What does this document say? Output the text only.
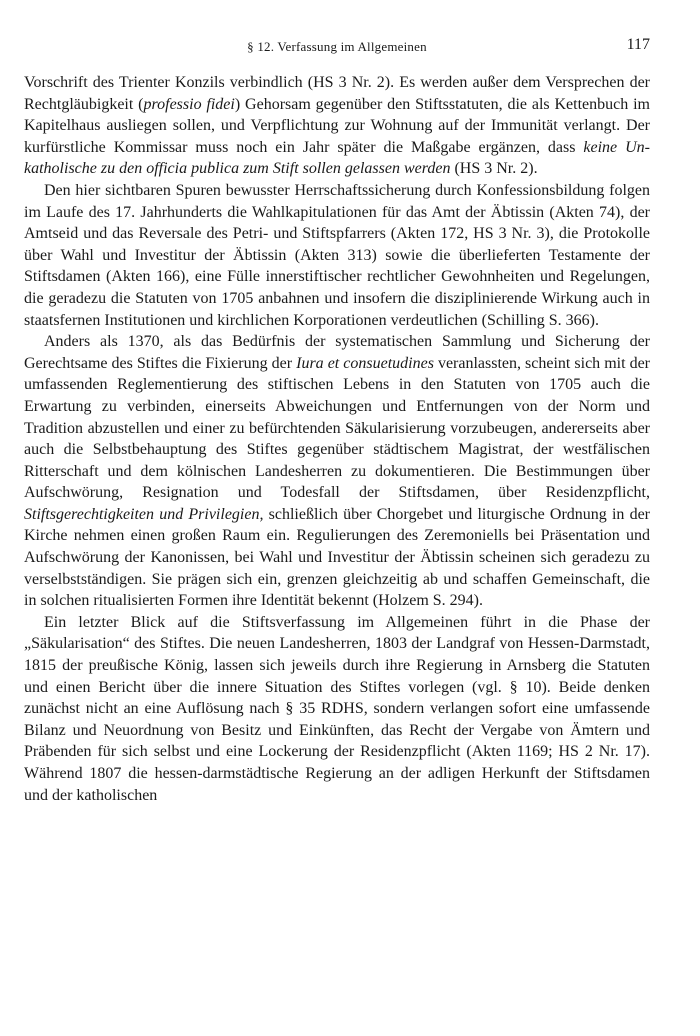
§ 12. Verfassung im Allgemeinen	117

Vorschrift des Trienter Konzils verbindlich (HS 3 Nr. 2). Es werden außer dem Versprechen der Rechtgläubigkeit (professio fidei) Gehorsam gegenüber den Stiftsstatuten, die als Kettenbuch im Kapitelhaus ausliegen sollen, und Verpflichtung zur Wohnung auf der Immunität verlangt. Der kurfürstliche Kommissar muss noch ein Jahr später die Maßgabe ergänzen, dass keine Unkatholische zu den officia publica zum Stift sollen gelassen werden (HS 3 Nr. 2).

Den hier sichtbaren Spuren bewusster Herrschaftssicherung durch Konfessionsbildung folgen im Laufe des 17. Jahrhunderts die Wahlkapitulationen für das Amt der Äbtissin (Akten 74), der Amtseid und das Reversale des Petri- und Stiftspfarrers (Akten 172, HS 3 Nr. 3), die Protokolle über Wahl und Investitur der Äbtissin (Akten 313) sowie die überlieferten Testamente der Stiftsdamen (Akten 166), eine Fülle innerstiftischer rechtlicher Gewohnheiten und Regelungen, die geradezu die Statuten von 1705 anbahnen und insofern die disziplinierende Wirkung auch in staatsfernen Institutionen und kirchlichen Korporationen verdeutlichen (Schilling S. 366).

Anders als 1370, als das Bedürfnis der systematischen Sammlung und Sicherung der Gerechtsame des Stiftes die Fixierung der Iura et consuetudines veranlassten, scheint sich mit der umfassenden Reglementierung des stiftischen Lebens in den Statuten von 1705 auch die Erwartung zu verbinden, einerseits Abweichungen und Entfernungen von der Norm und Tradition abzustellen und einer zu befürchtenden Säkularisierung vorzubeugen, andererseits aber auch die Selbstbehauptung des Stiftes gegenüber städtischem Magistrat, der westfälischen Ritterschaft und dem kölnischen Landesherren zu dokumentieren. Die Bestimmungen über Aufschwörung, Resignation und Todesfall der Stiftsdamen, über Residenzpflicht, Stiftsgerechtigkeiten und Privilegien, schließlich über Chorgebet und liturgische Ordnung in der Kirche nehmen einen großen Raum ein. Regulierungen des Zeremoniells bei Präsentation und Aufschwörung der Kanonissen, bei Wahl und Investitur der Äbtissin scheinen sich geradezu zu verselbstständigen. Sie prägen sich ein, grenzen gleichzeitig ab und schaffen Gemeinschaft, die in solchen ritualisierten Formen ihre Identität bekennt (Holzem S. 294).

Ein letzter Blick auf die Stiftsverfassung im Allgemeinen führt in die Phase der „Säkularisation“ des Stiftes. Die neuen Landesherren, 1803 der Landgraf von Hessen-Darmstadt, 1815 der preußische König, lassen sich jeweils durch ihre Regierung in Arnsberg die Statuten und einen Bericht über die innere Situation des Stiftes vorlegen (vgl. § 10). Beide denken zunächst nicht an eine Auflösung nach § 35 RDHS, sondern verlangen sofort eine umfassende Bilanz und Neuordnung von Besitz und Einkünften, das Recht der Vergabe von Ämtern und Präbenden für sich selbst und eine Lockerung der Residenzpflicht (Akten 1169; HS 2 Nr. 17). Während 1807 die hessen-darmstädtische Regierung an der adligen Herkunft der Stiftsdamen und der katholischen
